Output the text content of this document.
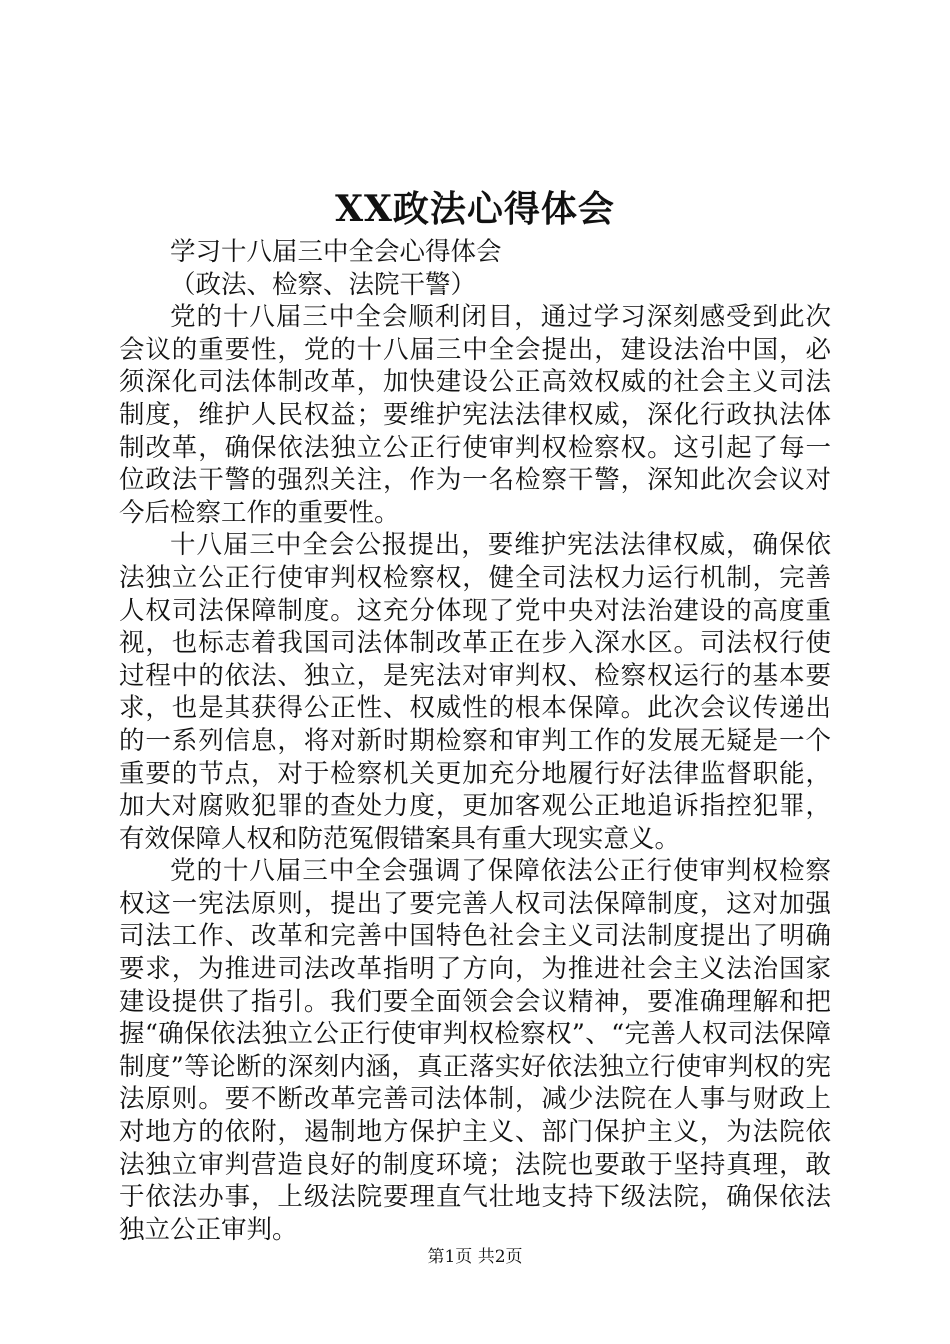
XX政法心得体会

学习十八届三中全会心得体会

（政法、检察、法院干警）

党的十八届三中全会顺利闭目，通过学习深刻感受到此次会议的重要性，党的十八届三中全会提出，建设法治中国，必须深化司法体制改革，加快建设公正高效权威的社会主义司法制度，维护人民权益；要维护宪法法律权威，深化行政执法体制改革，确保依法独立公正行使审判权检察权。这引起了每一位政法干警的强烈关注，作为一名检察干警，深知此次会议对今后检察工作的重要性。

十八届三中全会公报提出，要维护宪法法律权威，确保依法独立公正行使审判权检察权，健全司法权力运行机制，完善人权司法保障制度。这充分体现了党中央对法治建设的高度重视，也标志着我国司法体制改革正在步入深水区。司法权行使过程中的依法、独立，是宪法对审判权、检察权运行的基本要求，也是其获得公正性、权威性的根本保障。此次会议传递出的一系列信息，将对新时期检察和审判工作的发展无疑是一个重要的节点，对于检察机关更加充分地履行好法律监督职能，加大对腐败犯罪的查处力度，更加客观公正地追诉指控犯罪，有效保障人权和防范冤假错案具有重大现实意义。

党的十八届三中全会强调了保障依法公正行使审判权检察权这一宪法原则，提出了要完善人权司法保障制度，这对加强司法工作、改革和完善中国特色社会主义司法制度提出了明确要求，为推进司法改革指明了方向，为推进社会主义法治国家建设提供了指引。我们要全面领会会议精神，要准确理解和把握“确保依法独立公正行使审判权检察权”、“完善人权司法保障制度”等论断的深刻内涵，真正落实好依法独立行使审判权的宪法原则。要不断改革完善司法体制，减少法院在人事与财政上对地方的依附，遏制地方保护主义、部门保护主义，为法院依法独立审判营造良好的制度环境；法院也要敢于坚持真理，敢于依法办事，上级法院要理直气壮地支持下级法院，确保依法独立公正审判。

第1页 共2页
